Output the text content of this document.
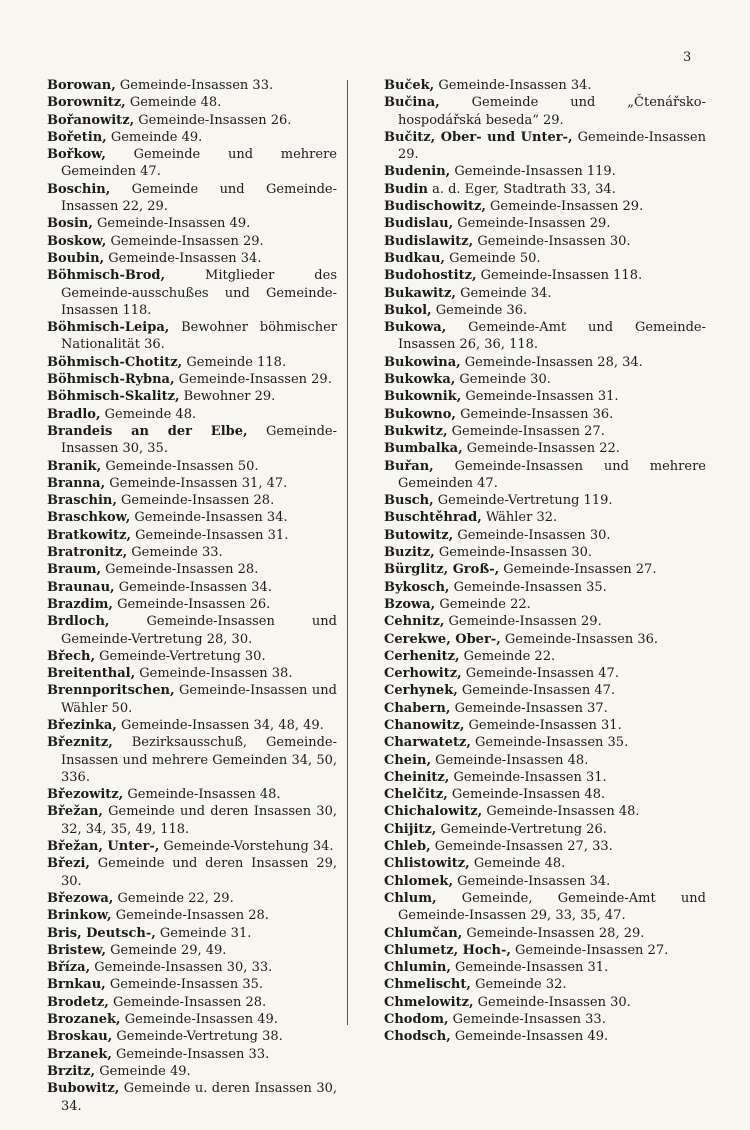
3

Borowan, Gemeinde-Insassen 33.

Borownitz, Gemeinde 48.

Bořanowitz, Gemeinde-Insassen 26.

Bořetin, Gemeinde 49.

Bořkow, Gemeinde und mehrere Gemeinden 47.

Boschin, Gemeinde und Gemeinde-Insassen 22, 29.

Bosin, Gemeinde-Insassen 49.

Boskow, Gemeinde-Insassen 29.

Boubin, Gemeinde-Insassen 34.

Böhmisch-Brod,	Mitglieder des Gemeinde-ausschußes und Gemeinde-Insassen 118.

Böhmisch-Leipa, Bewohner böhmischer Nationalität 36.

Böhmisch-Chotitz, Gemeinde 118.

Böhmisch-Rybna, Gemeinde-Insassen 29.

Böhmisch-Skalitz, Bewohner 29.

Bradlo, Gemeinde 48.

Brandeis an der Elbe, Gemeinde-Insassen 30, 35.

Branik, Gemeinde-Insassen 50.

Branna, Gemeinde-Insassen 31, 47.

Braschin, Gemeinde-Insassen 28.

Braschkow, Gemeinde-Insassen 34.

Bratkowitz, Gemeinde-Insassen 31.

Bratronitz, Gemeinde 33.

Braum, Gemeinde-Insassen 28.

Braunau, Gemeinde-Insassen 34.

Brazdim, Gemeinde-Insassen 26.

Brdloch,	Gemeinde-Insassen und Gemeinde-Vertretung 28, 30.

Břech, Gemeinde-Vertretung 30.

Breitenthal, Gemeinde-Insassen 38.

Brennporitschen, Gemeinde-Insassen und Wähler 50.

Březinka, Gemeinde-Insassen 34, 48, 49.

Březnitz, Bezirksausschuß, Gemeinde-Insassen und mehrere Gemeinden 34, 50, 336.

Březowitz, Gemeinde-Insassen 48.

Břežan, Gemeinde und deren Insassen 30, 32, 34, 35, 49, 118.

Břežan, Unter-, Gemeinde-Vorstehung 34.

Březi, Gemeinde und deren Insassen 29, 30.

Březowa, Gemeinde 22, 29.

Brinkow, Gemeinde-Insassen 28.

Bris, Deutsch-, Gemeinde 31.

Bristew, Gemeinde 29, 49.

Bříza, Gemeinde-Insassen 30, 33.

Brnkau, Gemeinde-Insassen 35.

Brodetz, Gemeinde-Insassen 28.

Brozanek, Gemeinde-Insassen 49.

Broskau, Gemeinde-Vertretung 38.

Brzanek, Gemeinde-Insassen 33.

Brzitz, Gemeinde 49.

Bubowitz, Gemeinde u. deren Insassen 30, 34.

Buček, Gemeinde-Insassen 34.

Bučina, Gemeinde und „Čtenářsko-hospodářská beseda“ 29.

Bučitz, Ober- und Unter-, Gemeinde-Insassen 29.

Budenin, Gemeinde-Insassen 119.

Budin a. d. Eger, Stadtrath 33, 34.

Budischowitz, Gemeinde-Insassen 29.

Budislau, Gemeinde-Insassen 29.

Budislawitz, Gemeinde-Insassen 30.

Budkau, Gemeinde 50.

Budohostitz, Gemeinde-Insassen 118.

Bukawitz, Gemeinde 34.

Bukol, Gemeinde 36.

Bukowa, Gemeinde-Amt und Gemeinde-Insassen 26, 36, 118.

Bukowina, Gemeinde-Insassen 28, 34.

Bukowka, Gemeinde 30.

Bukownik, Gemeinde-Insassen 31.

Bukowno, Gemeinde-Insassen 36.

Bukwitz, Gemeinde-Insassen 27.

Bumbalka, Gemeinde-Insassen 22.

Buřan, Gemeinde-Insassen und mehrere Gemeinden 47.

Busch, Gemeinde-Vertretung 119.

Buschtěhrad, Wähler 32.

Butowitz, Gemeinde-Insassen 30.

Buzitz, Gemeinde-Insassen 30.

Bürglitz, Groß-, Gemeinde-Insassen 27.

Bykosch, Gemeinde-Insassen 35.

Bzowa, Gemeinde 22.

Cehnitz, Gemeinde-Insassen 29.

Cerekwe, Ober-, Gemeinde-Insassen 36.

Cerhenitz, Gemeinde 22.

Cerhowitz, Gemeinde-Insassen 47.

Cerhynek, Gemeinde-Insassen 47.

Chabern, Gemeinde-Insassen 37.

Chanowitz, Gemeinde-Insassen 31.

Charwatetz, Gemeinde-Insassen 35.

Chein, Gemeinde-Insassen 48.

Cheinitz, Gemeinde-Insassen 31.

Chelčitz, Gemeinde-Insassen 48.

Chichalowitz, Gemeinde-Insassen 48.

Chijitz, Gemeinde-Vertretung 26.

Chleb, Gemeinde-Insassen 27, 33.

Chlistowitz, Gemeinde 48.

Chlomek, Gemeinde-Insassen 34.

Chlum, Gemeinde, Gemeinde-Amt und Gemeinde-Insassen 29, 33, 35, 47.

Chlumčan, Gemeinde-Insassen 28, 29.

Chlumetz, Hoch-, Gemeinde-Insassen 27.

Chlumin, Gemeinde-Insassen 31.

Chmelischt, Gemeinde 32.

Chmelowitz, Gemeinde-Insassen 30.

Chodom, Gemeinde-Insassen 33.

Chodsch, Gemeinde-Insassen 49.
